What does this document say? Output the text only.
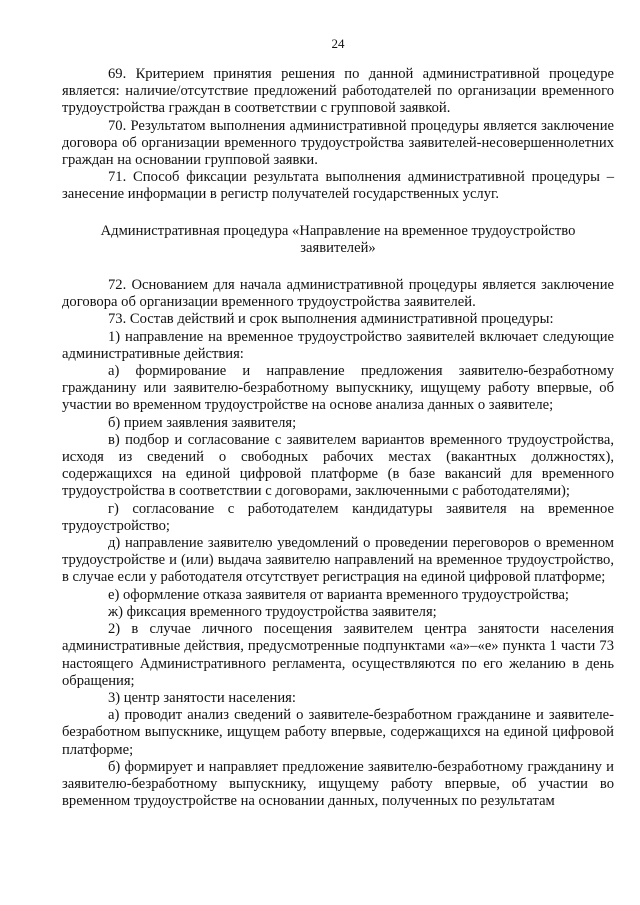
24

69. Критерием принятия решения по данной административной процедуре является: наличие/отсутствие предложений работодателей по организации временного трудоустройства граждан в соответствии с групповой заявкой.

70. Результатом выполнения административной процедуры является заключение договора об организации временного трудоустройства заявителей-несовершеннолетних граждан на основании групповой заявки.

71. Способ фиксации результата выполнения административной процедуры – занесение информации в регистр получателей государственных услуг.

Административная процедура «Направление на временное трудоустройство заявителей»

72. Основанием для начала административной процедуры является заключение договора об организации временного трудоустройства заявителей.

73. Состав действий и срок выполнения административной процедуры:

1) направление на временное трудоустройство заявителей включает следующие административные действия:

а) формирование и направление предложения заявителю-безработному гражданину или заявителю-безработному выпускнику, ищущему работу впервые, об участии во временном трудоустройстве на основе анализа данных о заявителе;

б) прием заявления заявителя;

в) подбор и согласование с заявителем вариантов временного трудоустройства, исходя из сведений о свободных рабочих местах (вакантных должностях), содержащихся на единой цифровой платформе (в базе вакансий для временного трудоустройства в соответствии с договорами, заключенными с работодателями);

г) согласование с работодателем кандидатуры заявителя на временное трудоустройство;

д) направление заявителю уведомлений о проведении переговоров о временном трудоустройстве и (или) выдача заявителю направлений на временное трудоустройство, в случае если у работодателя отсутствует регистрация на единой цифровой платформе;

е) оформление отказа заявителя от варианта временного трудоустройства;

ж) фиксация временного трудоустройства заявителя;

2) в случае личного посещения заявителем центра занятости населения административные действия, предусмотренные подпунктами «а»–«е» пункта 1 части 73 настоящего Административного регламента, осуществляются по его желанию в день обращения;

3) центр занятости населения:

а) проводит анализ сведений о заявителе-безработном гражданине и заявителе-безработном выпускнике, ищущем работу впервые, содержащихся на единой цифровой платформе;

б) формирует и направляет предложение заявителю-безработному гражданину и заявителю-безработному выпускнику, ищущему работу впервые, об участии во временном трудоустройстве на основании данных, полученных по результатам
